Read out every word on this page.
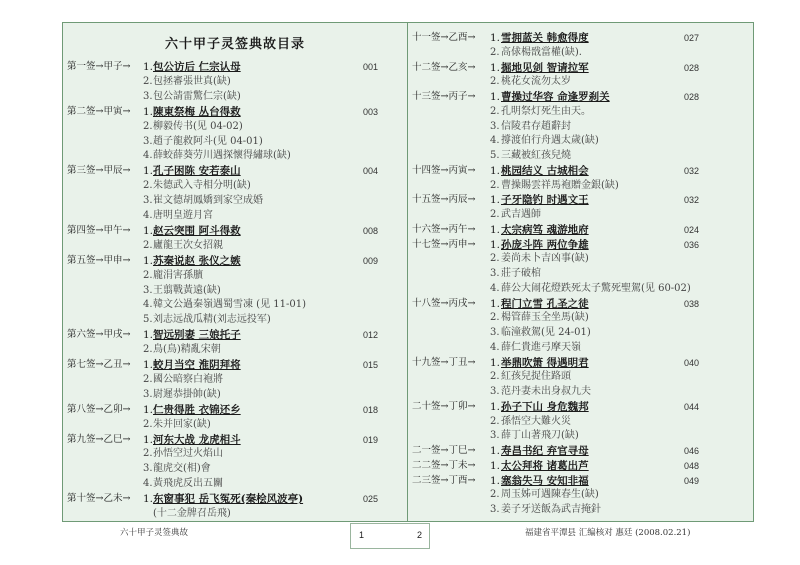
六十甲子灵签典故目录
第一签→甲子→ 1. 包公访后 仁宗认母	001
2. 包拯審張世真(缺)
3. 包公請雷驚仁宗(缺)
第二签→甲寅→ 1. 陳東祭梅 丛台得救	003
2. 柳毅传书(见 04-02)
3. 趙子龍救阿斗(见 04-01)
4. 薛蛟薛葵劳川遇探懷得繡球(缺)
第三签→甲辰→ 1. 孔子困陈 安若泰山	004
2. 朱德武入寺相分明(缺)
3. 崔文德胡鳳嬌到家空成婚
4. 唐明皇遊月宮
第四签→甲午→ 1. 赵云突围 阿斗得救	008
2. 廬龍王次女招親
第五签→甲申→ 1. 苏秦说赵 张仪之嫉	009
2. 龐涓害孫臏
3. 王翦戰黃遠(缺)
4. 韓文公過秦嶺遇蜀雪凍 (见 11-01)
5. 刘志远战瓜精(刘志远投军)
第六签→甲戌→ 1. 智远别妻 三娘托子	012
2. 鳥(鳥)精亂宋朝
第七签→乙丑→ 1. 蛟月当空 淮阴拜将	015
2. 國公暗察白袍將
3. 尉遲恭掛帥(缺)
第八签→乙卯→ 1. 仁贵得胜 衣锦还乡	018
2. 朱并回家(缺)
第九签→乙巳→ 1. 河东大战 龙虎相斗	019
2. 孙悟空过火焰山
3. 龍虎交(相)會
4. 黃飛虎反出五關
第十签→乙未→ 1. 东窗事犯 岳飞冤死(秦桧风波亭)	025
(十二金牌召岳飛)
十一签→乙酉→ 1. 雪拥蓝关 韩愈得度	027
2. 高俅楊戩當權(缺).
十二签→乙亥→ 1. 掘地见剑 智请拉军	028
2. 桃花女流勿太岁
十三签→丙子→ 1. 曹操过华容 命逢罗刹关	028
2. 孔明祭灯死生由天。
3. 信陵君存趙辭封
4. 撐渡伯行舟遇太歲(缺)
5. 三藏被紅孩兒燒
十四签→丙寅→ 1. 桃园结义 古城相会	032
2. 曹操賜雲祥馬袍贈金銀(缺)
十五签→丙辰→ 1. 子牙隐钓 时遇文王	032
2. 武吉遇師
十六签→丙午→ 1. 太宗病笃 魂游地府	024
十七签→丙申→ 1. 孙庞斗阵 两位争雄	036
2. 姜尚未卜吉凶事(缺)
3. 莊子破棺
4. 薛公大闹花燈跌死太子驚死聖駕(见 60-02)
十八签→丙戌→ 1. 程门立雪 孔圣之徒	038
2. 楊管薛玉全坐馬(缺)
3. 临潼救駕(见 24-01)
4. 薛仁貴進弓摩天嶺
十九签→丁丑→ 1. 举鼎吹箫 得遇明君	040
2. 紅孩兒捉住路頭
3. 范丹妻未出身叔九夫
二十签→丁卯→ 1. 孙子下山 身危魏邦	044
2. 孫悟空大難火災
3. 薛丁山著飛刀(缺)
二一签→丁巳→ 1. 寿昌书纪 弃官寻母	046
二二签→丁未→ 1. 太公拜将 诸葛出芦	048
二三签→丁酉→ 1. 塞翁失马 安知非福	049
2. 周玉姊可遇陳春生(缺)
3. 姜子牙送飯為武吉掩針
六十甲子灵签典故	1	2	福建省平潭县 汇编核对 惠廷 (2008.02.21)
